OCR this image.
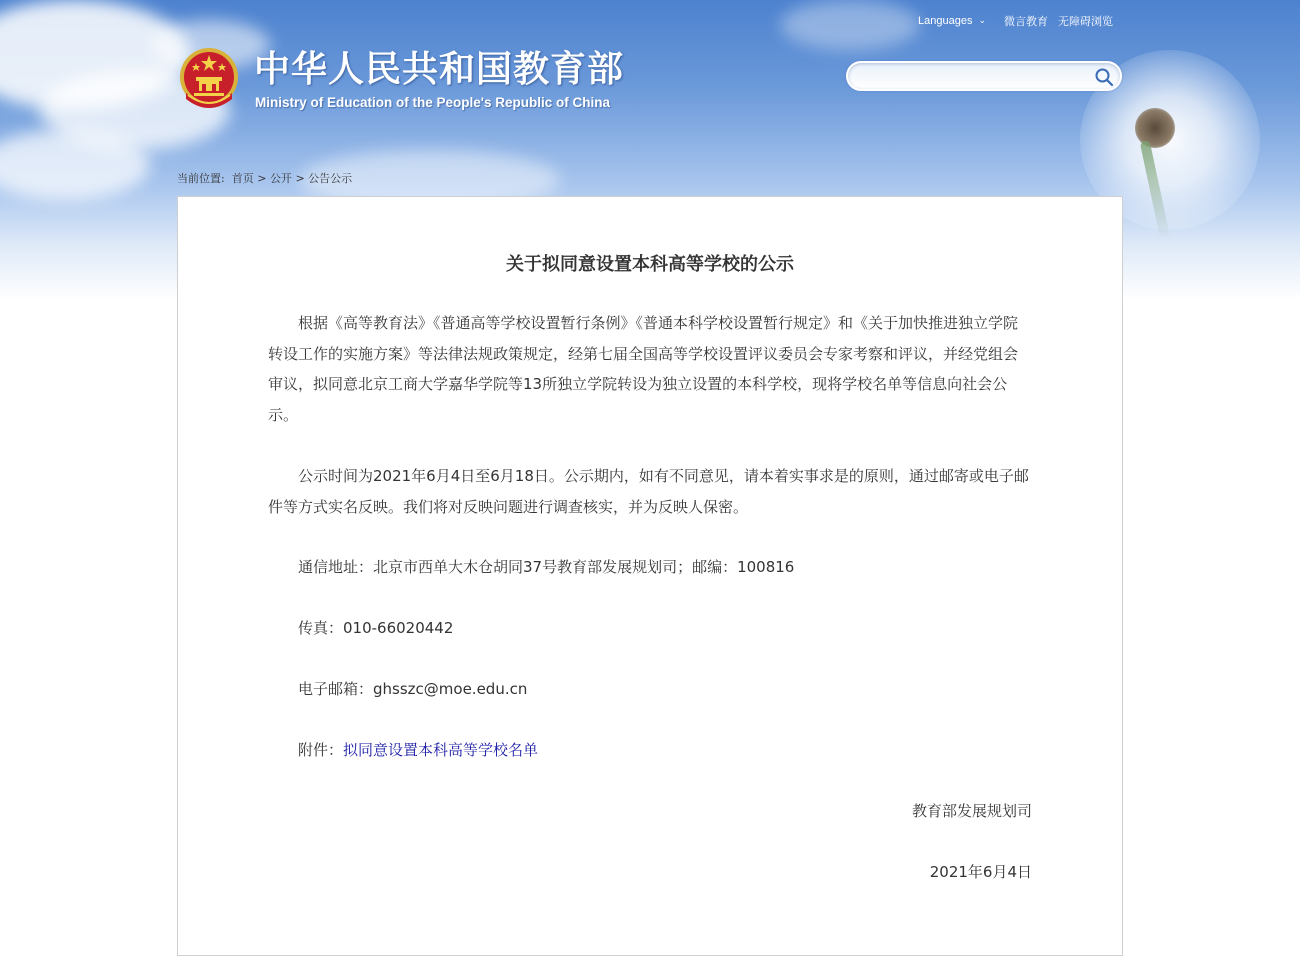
Languages ⌄ 微言教育 无障碍浏览
中华人民共和国教育部
Ministry of Education of the People's Republic of China
当前位置: 首页 > 公开 > 公告公示
关于拟同意设置本科高等学校的公示
根据《高等教育法》《普通高等学校设置暂行条例》《普通本科学校设置暂行规定》和《关于加快推进独立学院转设工作的实施方案》等法律法规政策规定，经第七届全国高等学校设置评议委员会专家考察和评议，并经党组会审议，拟同意北京工商大学嘉华学院等13所独立学院转设为独立设置的本科学校，现将学校名单等信息向社会公示。
公示时间为2021年6月4日至6月18日。公示期内，如有不同意见，请本着实事求是的原则，通过邮寄或电子邮件等方式实名反映。我们将对反映问题进行调查核实，并为反映人保密。
通信地址：北京市西单大木仓胡同37号教育部发展规划司；邮编：100816
传真：010-66020442
电子邮箱：ghsszc@moe.edu.cn
附件：拟同意设置本科高等学校名单
教育部发展规划司
2021年6月4日
